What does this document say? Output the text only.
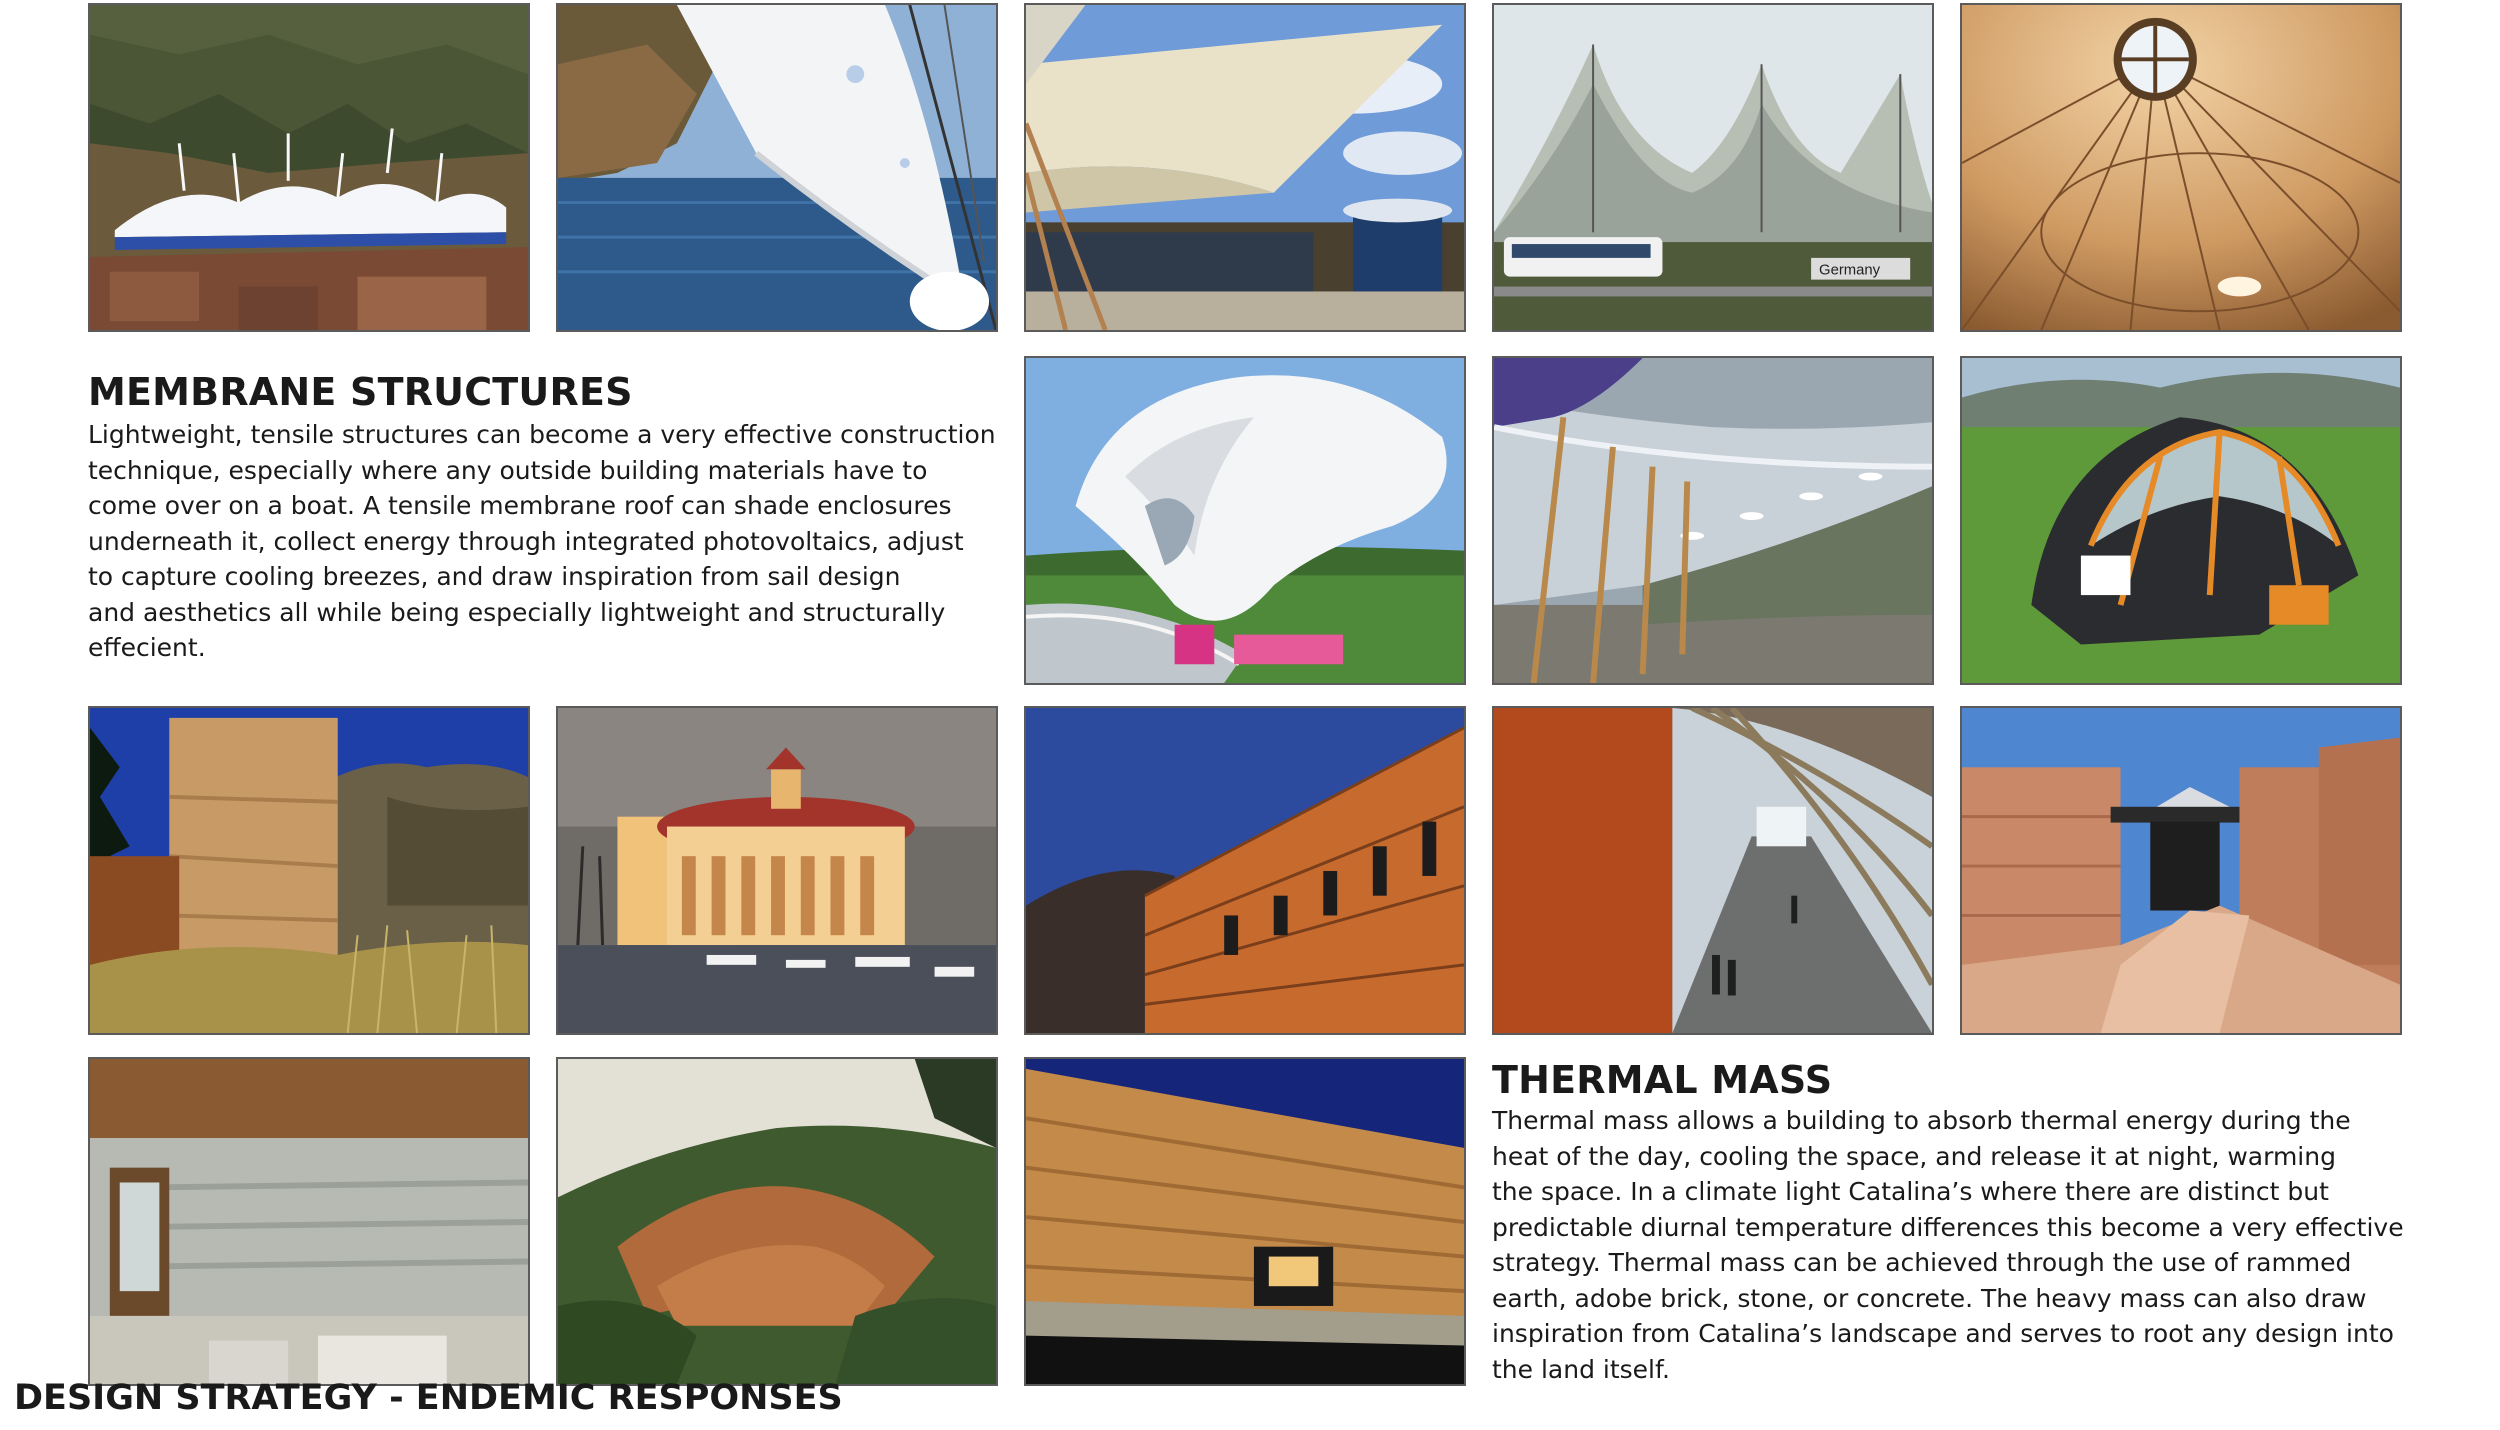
Germany
MEMBRANE STRUCTURES

Lightweight, tensile structures can become a very effective construction
technique, especially where any outside building materials have to
come over on a boat. A tensile membrane roof can shade enclosures
underneath it, collect energy through integrated photovoltaics, adjust
to capture cooling breezes, and draw inspiration from sail design
and aesthetics all while being especially lightweight and structurally
effecient.

THERMAL MASS

Thermal mass allows a building to absorb thermal energy during the
heat of the day, cooling the space, and release it at night, warming
the space. In a climate light Catalina’s where there are distinct but
predictable diurnal temperature differences this become a very effective
strategy. Thermal mass can be achieved through the use of rammed
earth, adobe brick, stone, or concrete. The heavy mass can also draw
inspiration from Catalina’s landscape and serves to root any design into
the land itself.

DESIGN STRATEGY - ENDEMIC RESPONSES
